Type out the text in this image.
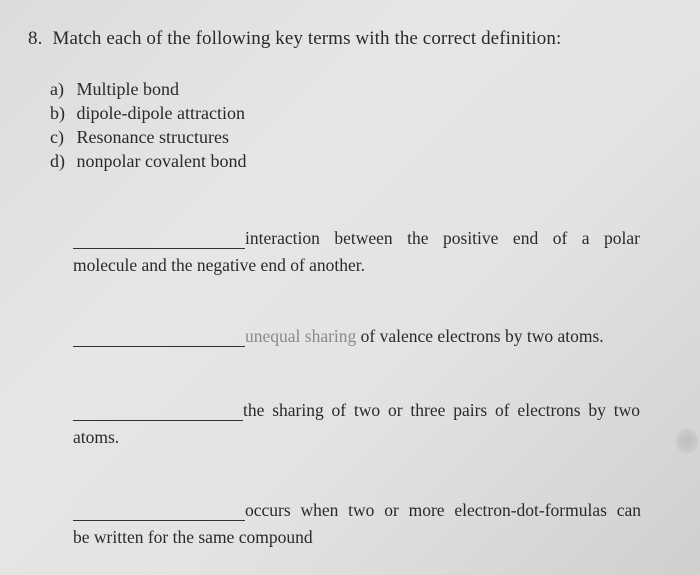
8. Match each of the following key terms with the correct definition:
a) Multiple bond
b) dipole-dipole attraction
c) Resonance structures
d) nonpolar covalent bond
interaction between the positive end of a polar
molecule and the negative end of another.
unequal sharing of valence electrons by two atoms.
the sharing of two or three pairs of electrons by two
atoms.
occurs when two or more electron-dot-formulas can
be written for the same compound
